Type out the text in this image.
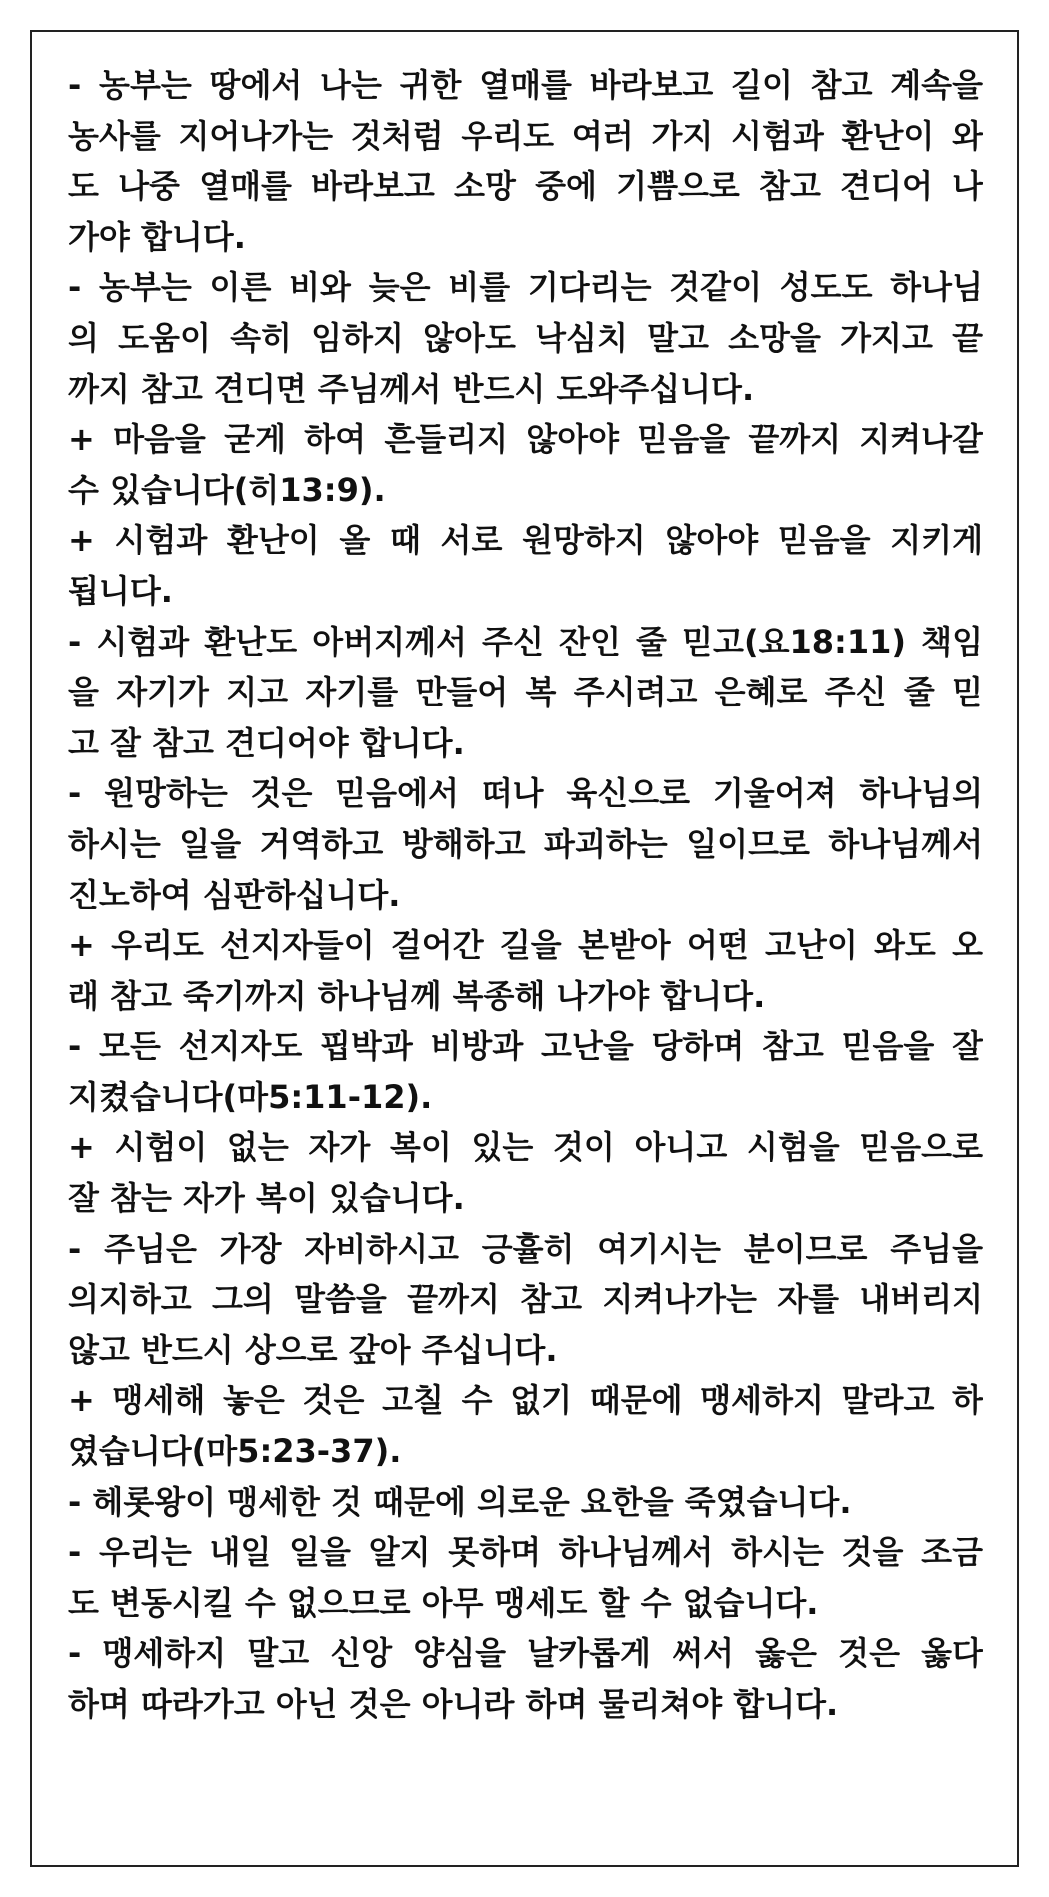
- 농부는 땅에서 나는 귀한 열매를 바라보고 길이 참고 계속을
농사를 지어나가는 것처럼 우리도 여러 가지 시험과 환난이 와
도 나중 열매를 바라보고 소망 중에 기쁨으로 참고 견디어 나
가야 합니다.
- 농부는 이른 비와 늦은 비를 기다리는 것같이 성도도 하나님
의 도움이 속히 임하지 않아도 낙심치 말고 소망을 가지고 끝
까지 참고 견디면 주님께서 반드시 도와주십니다.
+ 마음을 굳게 하여 흔들리지 않아야 믿음을 끝까지 지켜나갈
수 있습니다(히13:9).
+ 시험과 환난이 올 때 서로 원망하지 않아야 믿음을 지키게
됩니다.
- 시험과 환난도 아버지께서 주신 잔인 줄 믿고(요18:11) 책임
을 자기가 지고 자기를 만들어 복 주시려고 은혜로 주신 줄 믿
고 잘 참고 견디어야 합니다.
- 원망하는 것은 믿음에서 떠나 육신으로 기울어져 하나님의
하시는 일을 거역하고 방해하고 파괴하는 일이므로 하나님께서
진노하여 심판하십니다.
+ 우리도 선지자들이 걸어간 길을 본받아 어떤 고난이 와도 오
래 참고 죽기까지 하나님께 복종해 나가야 합니다.
- 모든 선지자도 핍박과 비방과 고난을 당하며 참고 믿음을 잘
지켰습니다(마5:11-12).
+ 시험이 없는 자가 복이 있는 것이 아니고 시험을 믿음으로
잘 참는 자가 복이 있습니다.
- 주님은 가장 자비하시고 긍휼히 여기시는 분이므로 주님을
의지하고 그의 말씀을 끝까지 참고 지켜나가는 자를 내버리지
않고 반드시 상으로 갚아 주십니다.
+ 맹세해 놓은 것은 고칠 수 없기 때문에 맹세하지 말라고 하
였습니다(마5:23-37).
- 헤롯왕이 맹세한 것 때문에 의로운 요한을 죽였습니다.
- 우리는 내일 일을 알지 못하며 하나님께서 하시는 것을 조금
도 변동시킬 수 없으므로 아무 맹세도 할 수 없습니다.
- 맹세하지 말고 신앙 양심을 날카롭게 써서 옳은 것은 옳다
하며 따라가고 아닌 것은 아니라 하며 물리쳐야 합니다.
